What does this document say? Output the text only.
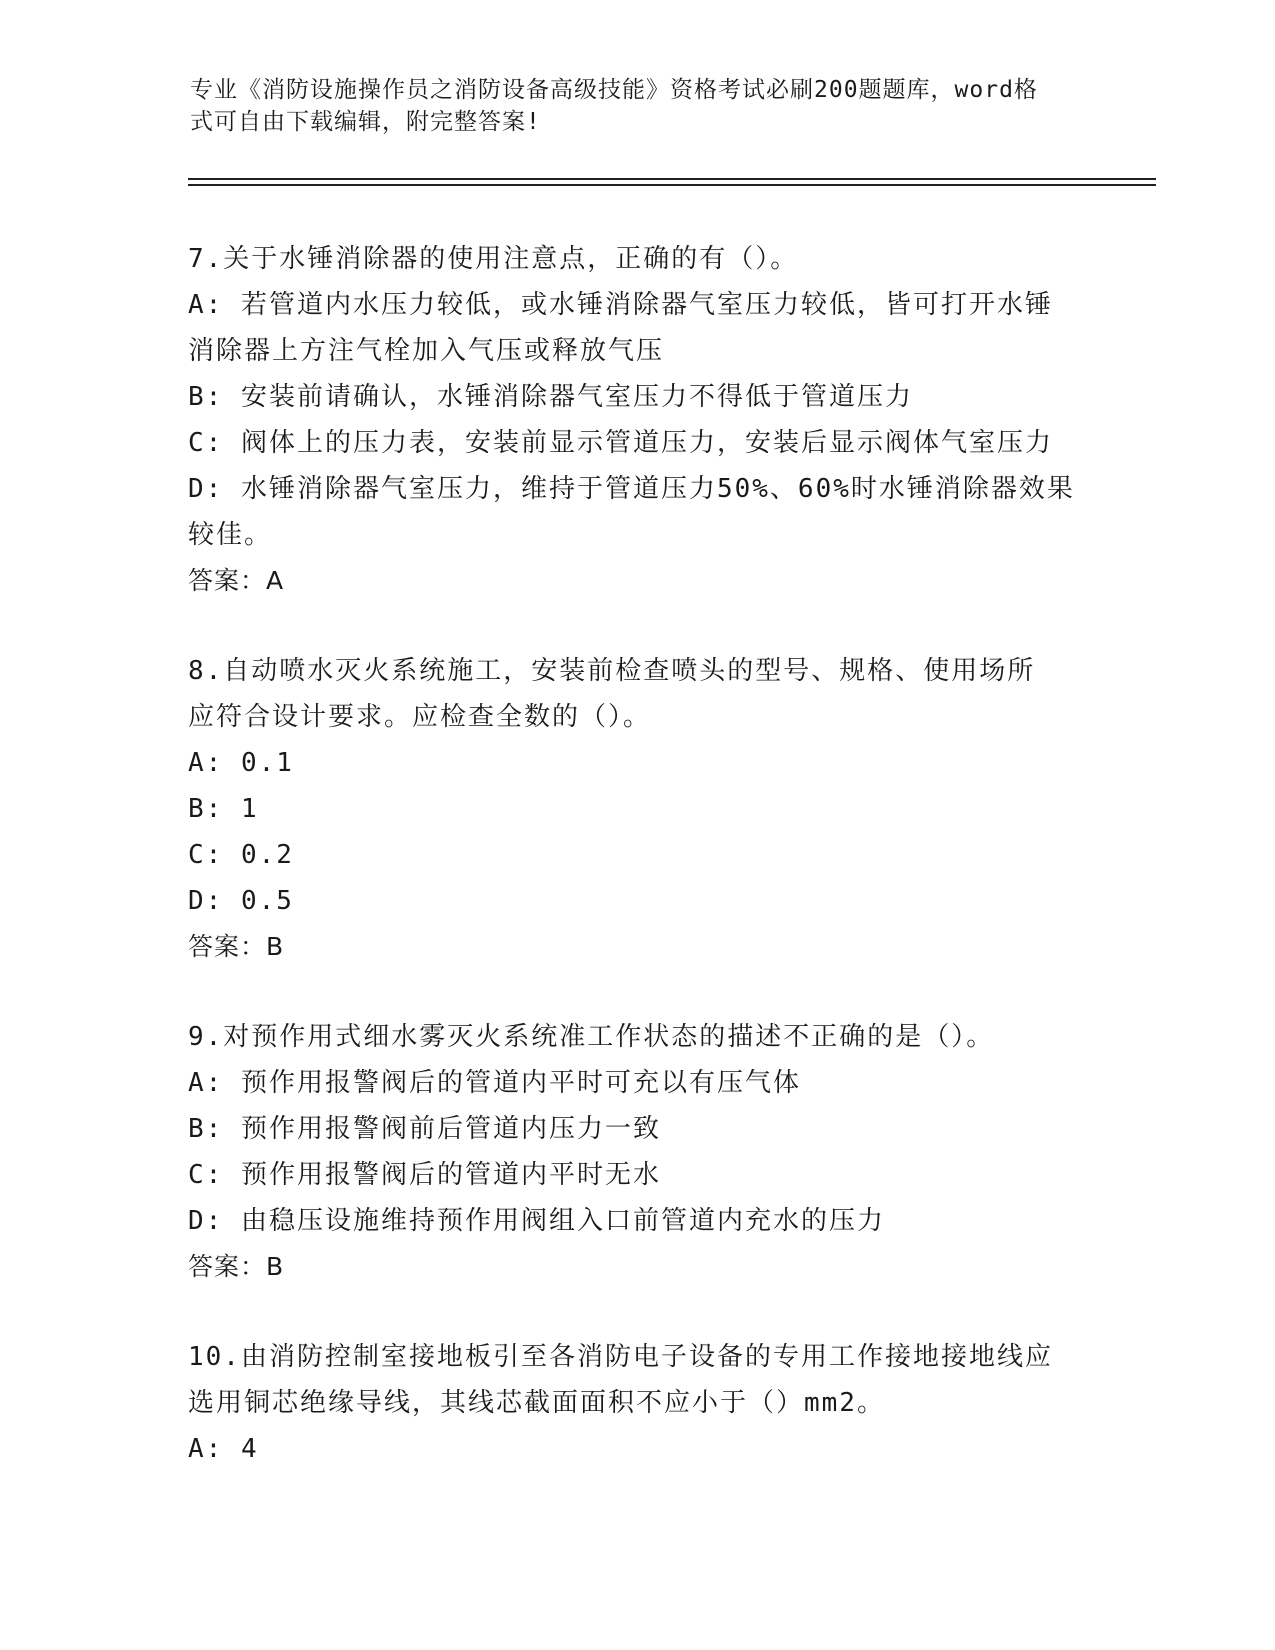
专业《消防设施操作员之消防设备高级技能》资格考试必刷200题题库，word格
式可自由下载编辑，附完整答案!
7.关于水锤消除器的使用注意点，正确的有（）。
A: 若管道内水压力较低，或水锤消除器气室压力较低，皆可打开水锤
消除器上方注气栓加入气压或释放气压
B: 安装前请确认，水锤消除器气室压力不得低于管道压力
C: 阀体上的压力表，安装前显示管道压力，安装后显示阀体气室压力
D: 水锤消除器气室压力，维持于管道压力50%、60%时水锤消除器效果
较佳。
答案：A
8.自动喷水灭火系统施工，安装前检查喷头的型号、规格、使用场所
应符合设计要求。应检查全数的（）。
A: 0.1
B: 1
C: 0.2
D: 0.5
答案：B
9.对预作用式细水雾灭火系统准工作状态的描述不正确的是（）。
A: 预作用报警阀后的管道内平时可充以有压气体
B: 预作用报警阀前后管道内压力一致
C: 预作用报警阀后的管道内平时无水
D: 由稳压设施维持预作用阀组入口前管道内充水的压力
答案：B
10.由消防控制室接地板引至各消防电子设备的专用工作接地接地线应
选用铜芯绝缘导线，其线芯截面面积不应小于（）mm2。
A: 4
